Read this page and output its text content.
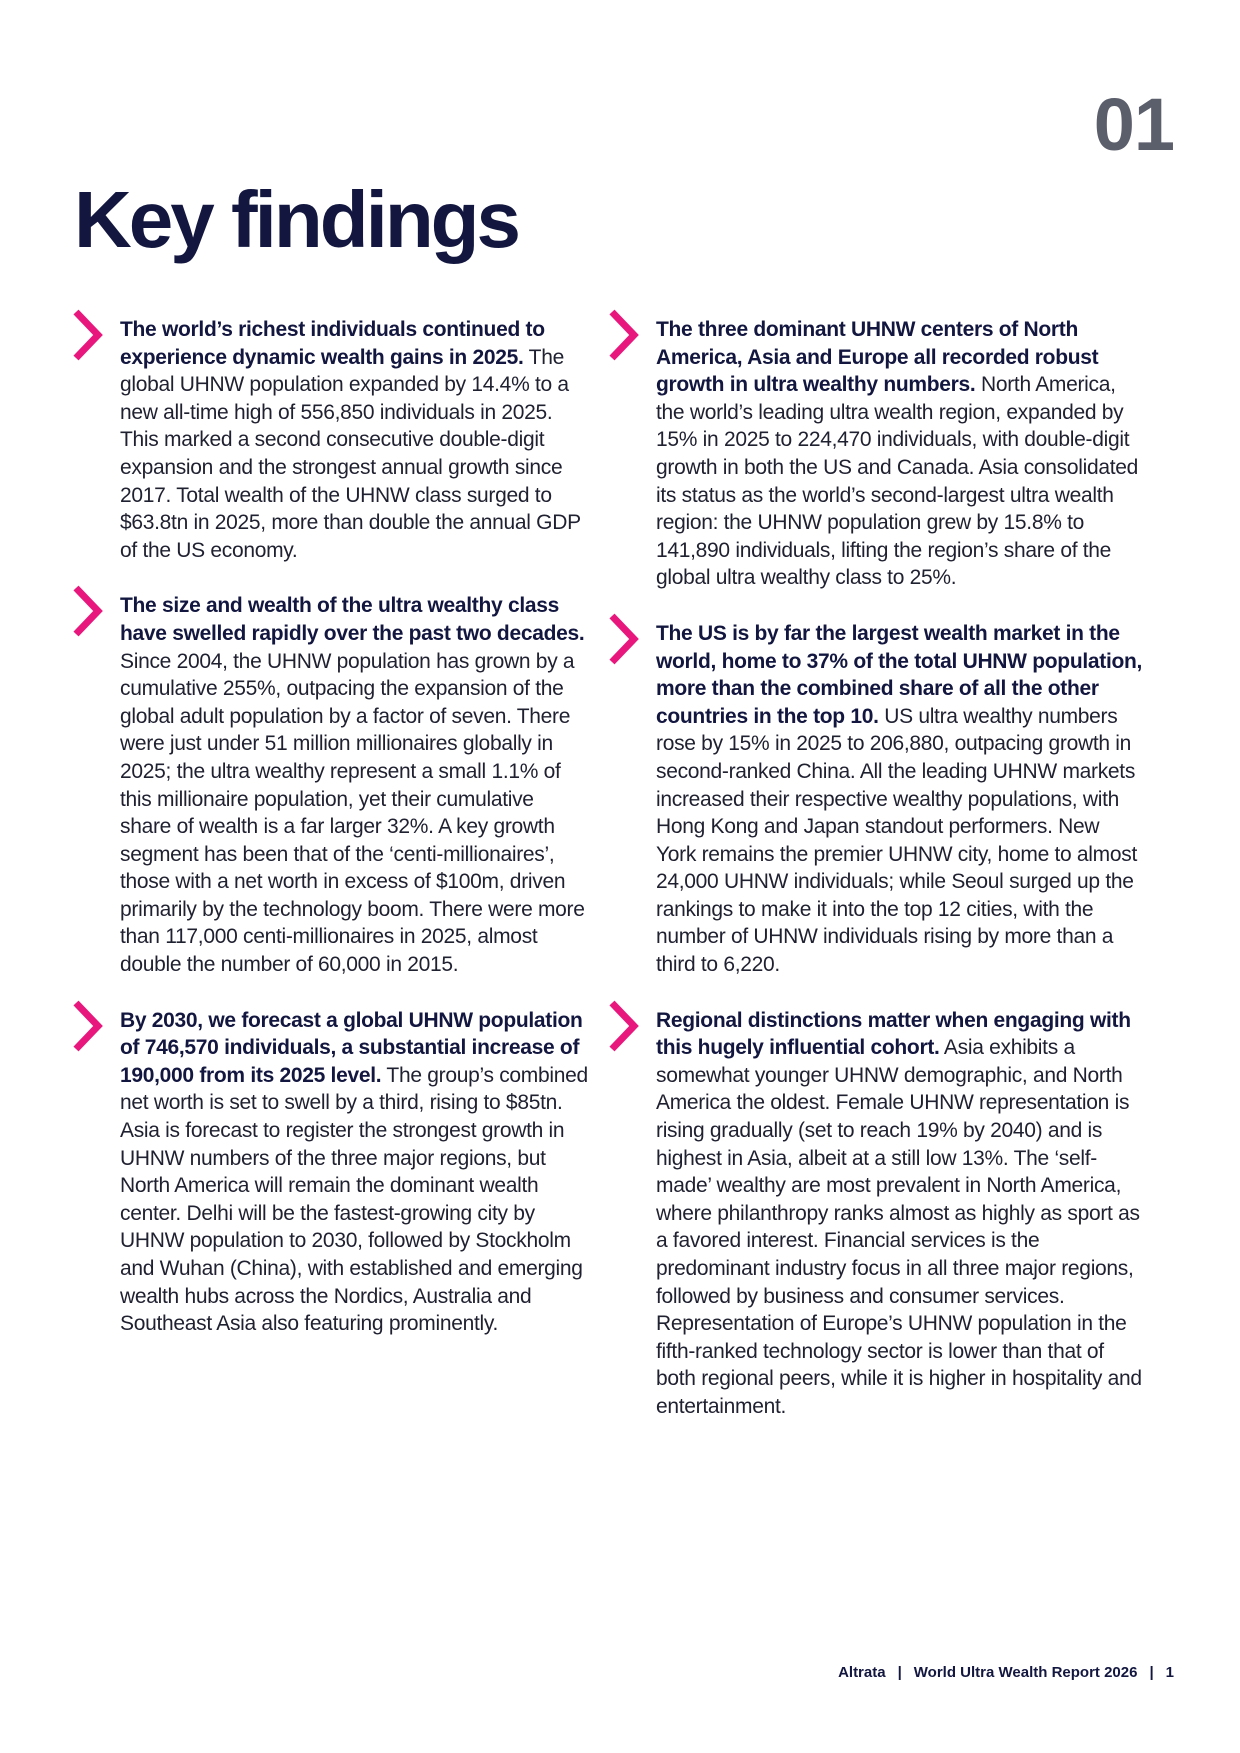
01
Key findings

The world’s richest individuals continued to experience dynamic wealth gains in 2025. The global UHNW population expanded by 14.4% to a new all-time high of 556,850 individuals in 2025. This marked a second consecutive double-digit expansion and the strongest annual growth since 2017. Total wealth of the UHNW class surged to $63.8tn in 2025, more than double the annual GDP of the US economy.

The size and wealth of the ultra wealthy class have swelled rapidly over the past two decades. Since 2004, the UHNW population has grown by a cumulative 255%, outpacing the expansion of the global adult population by a factor of seven. There were just under 51 million millionaires globally in 2025; the ultra wealthy represent a small 1.1% of this millionaire population, yet their cumulative share of wealth is a far larger 32%. A key growth segment has been that of the ‘centi-millionaires’, those with a net worth in excess of $100m, driven primarily by the technology boom. There were more than 117,000 centi-millionaires in 2025, almost double the number of 60,000 in 2015.

By 2030, we forecast a global UHNW population of 746,570 individuals, a substantial increase of 190,000 from its 2025 level. The group’s combined net worth is set to swell by a third, rising to $85tn. Asia is forecast to register the strongest growth in UHNW numbers of the three major regions, but North America will remain the dominant wealth center. Delhi will be the fastest-growing city by UHNW population to 2030, followed by Stockholm and Wuhan (China), with established and emerging wealth hubs across the Nordics, Australia and Southeast Asia also featuring prominently.

The three dominant UHNW centers of North America, Asia and Europe all recorded robust growth in ultra wealthy numbers. North America, the world’s leading ultra wealth region, expanded by 15% in 2025 to 224,470 individuals, with double-digit growth in both the US and Canada. Asia consolidated its status as the world’s second-largest ultra wealth region: the UHNW population grew by 15.8% to 141,890 individuals, lifting the region’s share of the global ultra wealthy class to 25%.

The US is by far the largest wealth market in the world, home to 37% of the total UHNW population, more than the combined share of all the other countries in the top 10. US ultra wealthy numbers rose by 15% in 2025 to 206,880, outpacing growth in second-ranked China. All the leading UHNW markets increased their respective wealthy populations, with Hong Kong and Japan standout performers. New York remains the premier UHNW city, home to almost 24,000 UHNW individuals; while Seoul surged up the rankings to make it into the top 12 cities, with the number of UHNW individuals rising by more than a third to 6,220.

Regional distinctions matter when engaging with this hugely influential cohort. Asia exhibits a somewhat younger UHNW demographic, and North America the oldest. Female UHNW representation is rising gradually (set to reach 19% by 2040) and is highest in Asia, albeit at a still low 13%. The ‘self-made’ wealthy are most prevalent in North America, where philanthropy ranks almost as highly as sport as a favored interest. Financial services is the predominant industry focus in all three major regions, followed by business and consumer services. Representation of Europe’s UHNW population in the fifth-ranked technology sector is lower than that of both regional peers, while it is higher in hospitality and entertainment.

Altrata | World Ultra Wealth Report 2026 | 1
